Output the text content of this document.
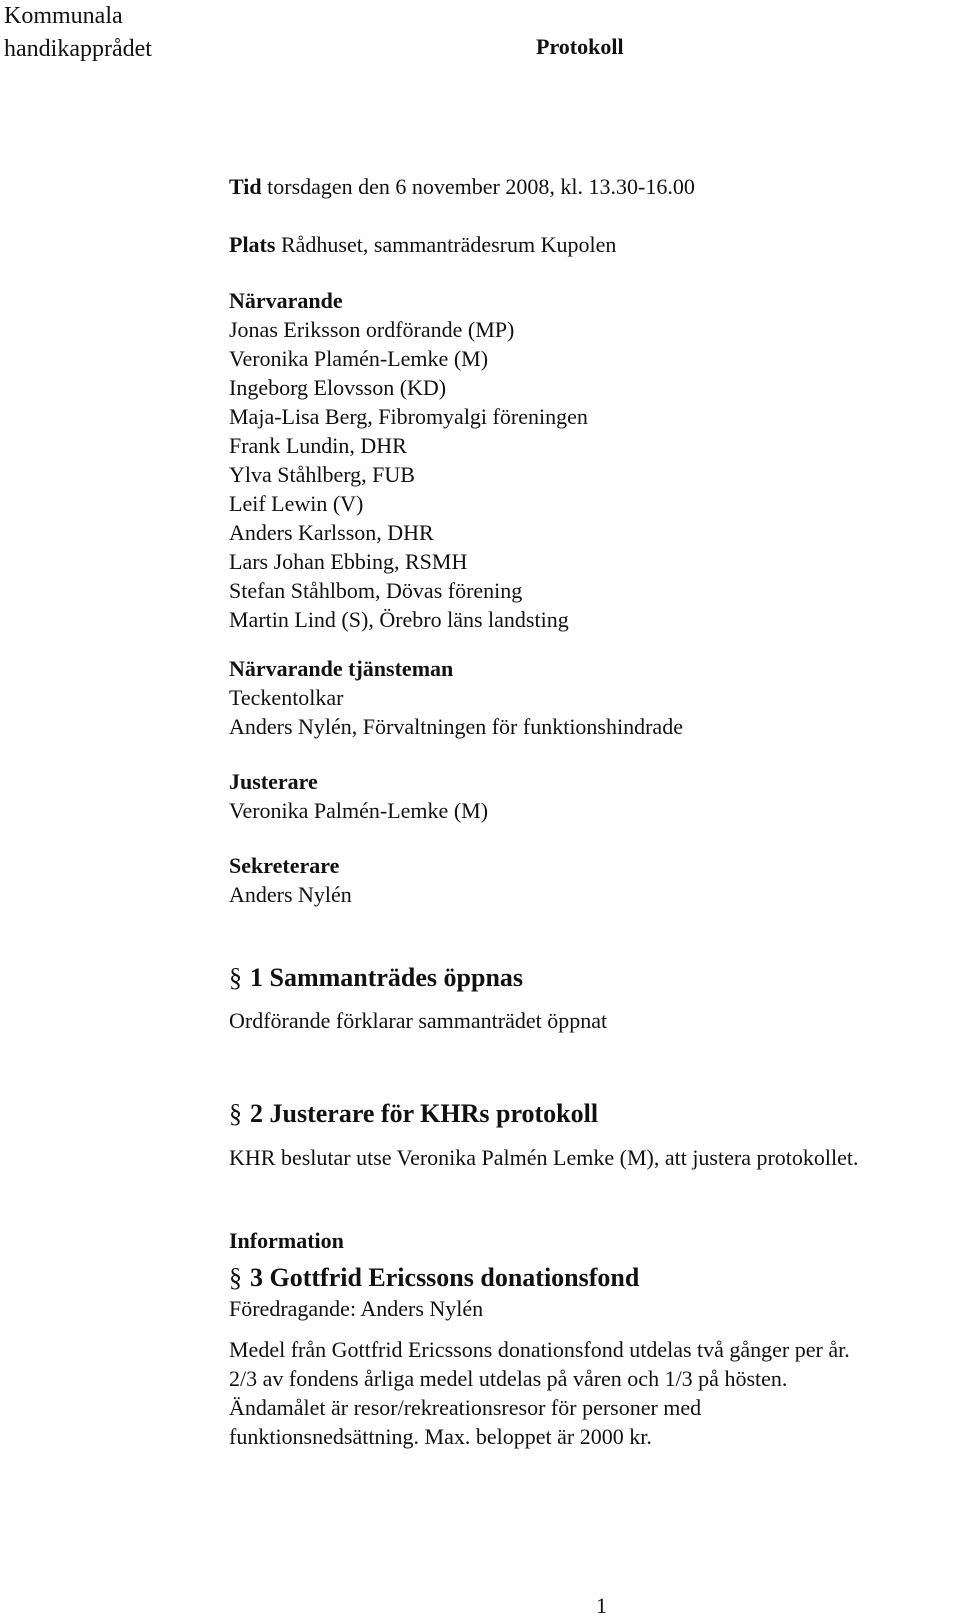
Kommunala
handikapprådet	Protokoll
Tid torsdagen den 6 november 2008, kl. 13.30-16.00
Plats Rådhuset, sammanträdesrum Kupolen
Närvarande
Jonas Eriksson ordförande (MP)
Veronika Plamén-Lemke (M)
Ingeborg Elovsson (KD)
Maja-Lisa Berg, Fibromyalgi föreningen
Frank Lundin, DHR
Ylva Ståhlberg, FUB
Leif Lewin (V)
Anders Karlsson, DHR
Lars Johan Ebbing, RSMH
Stefan Ståhlbom, Dövas förening
Martin Lind (S), Örebro läns landsting
Närvarande tjänsteman
Teckentolkar
Anders Nylén, Förvaltningen för funktionshindrade
Justerare
Veronika Palmén-Lemke (M)
Sekreterare
Anders Nylén
§ 1 Sammanträdes öppnas
Ordförande förklarar sammanträdet öppnat
§ 2 Justerare för KHRs protokoll
KHR beslutar utse Veronika Palmén Lemke (M), att justera protokollet.
Information
§ 3 Gottfrid Ericssons donationsfond
Föredragande: Anders Nylén
Medel från Gottfrid Ericssons donationsfond utdelas två gånger per år.
2/3 av fondens årliga medel utdelas på våren och 1/3 på hösten.
Ändamålet är resor/rekreationsresor för personer med
funktionsnedsättning. Max. beloppet är 2000 kr.
1
